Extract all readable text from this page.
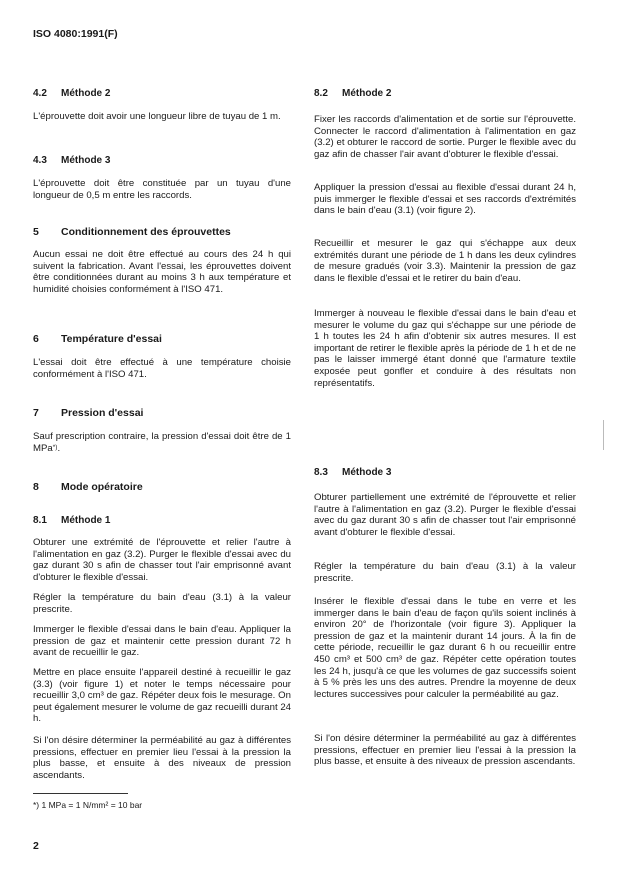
ISO 4080:1991(F)
4.2 Méthode 2

L'éprouvette doit avoir une longueur libre de tuyau de 1 m.

4.3 Méthode 3

L'éprouvette doit être constituée par un tuyau d'une longueur de 0,5 m entre les raccords.

5 Conditionnement des éprouvettes

Aucun essai ne doit être effectué au cours des 24 h qui suivent la fabrication. Avant l'essai, les éprouvettes doivent être conditionnées durant au moins 3 h aux température et humidité choisies conformément à l'ISO 471.

6 Température d'essai

L'essai doit être effectué à une température choisie conformément à l'ISO 471.

7 Pression d'essai

Sauf prescription contraire, la pression d'essai doit être de 1 MPa*).

8 Mode opératoire
8.1 Méthode 1

Obturer une extrémité de l'éprouvette et relier l'autre à l'alimentation en gaz (3.2). Purger le flexible d'essai avec du gaz durant 30 s afin de chasser tout l'air emprisonné avant d'obturer le flexible d'essai.

Régler la température du bain d'eau (3.1) à la valeur prescrite.

Immerger le flexible d'essai dans le bain d'eau. Appliquer la pression de gaz et maintenir cette pression durant 72 h avant de recueillir le gaz.

Mettre en place ensuite l'appareil destiné à recueillir le gaz (3.3) (voir figure 1) et noter le temps nécessaire pour recueillir 3,0 cm³ de gaz. Répéter deux fois le mesurage. On peut également mesurer le volume de gaz recueilli durant 24 h.

Si l'on désire déterminer la perméabilité au gaz à différentes pressions, effectuer en premier lieu l'essai à la pression la plus basse, et ensuite à des niveaux de pression ascendants.

8.2 Méthode 2

Fixer les raccords d'alimentation et de sortie sur l'éprouvette. Connecter le raccord d'alimentation à l'alimentation en gaz (3.2) et obturer le raccord de sortie. Purger le flexible avec du gaz afin de chasser l'air avant d'obturer le flexible d'essai.

Appliquer la pression d'essai au flexible d'essai durant 24 h, puis immerger le flexible d'essai et ses raccords d'extrémités dans le bain d'eau (3.1) (voir figure 2).

Recueillir et mesurer le gaz qui s'échappe aux deux extrémités durant une période de 1 h dans les deux cylindres de mesure gradués (voir 3.3). Maintenir la pression de gaz dans le flexible d'essai et le retirer du bain d'eau.

Immerger à nouveau le flexible d'essai dans le bain d'eau et mesurer le volume du gaz qui s'échappe sur une période de 1 h toutes les 24 h afin d'obtenir six autres mesures. Il est important de retirer le flexible après la période de 1 h et de ne pas le laisser immergé étant donné que l'armature textile exposée peut gonfler et conduire à des résultats non représentatifs.

8.3 Méthode 3

Obturer partiellement une extrémité de l'éprouvette et relier l'autre à l'alimentation en gaz (3.2). Purger le flexible d'essai avec du gaz durant 30 s afin de chasser tout l'air emprisonné avant d'obturer le flexible d'essai.

Régler la température du bain d'eau (3.1) à la valeur prescrite.

Insérer le flexible d'essai dans le tube en verre et les immerger dans le bain d'eau de façon qu'ils soient inclinés à environ 20° de l'horizontale (voir figure 3). Appliquer la pression de gaz et la maintenir durant 14 jours. À la fin de cette période, recueillir le gaz durant 6 h ou recueillir entre 450 cm³ et 500 cm³ de gaz. Répéter cette opération toutes les 24 h, jusqu'à ce que les volumes de gaz successifs soient à 5 % près les uns des autres. Prendre la moyenne de deux lectures successives pour calculer la perméabilité au gaz.

Si l'on désire déterminer la perméabilité au gaz à différentes pressions, effectuer en premier lieu l'essai à la pression la plus basse, et ensuite à des niveaux de pression ascendants.

*) 1 MPa = 1 N/mm² = 10 bar
2
